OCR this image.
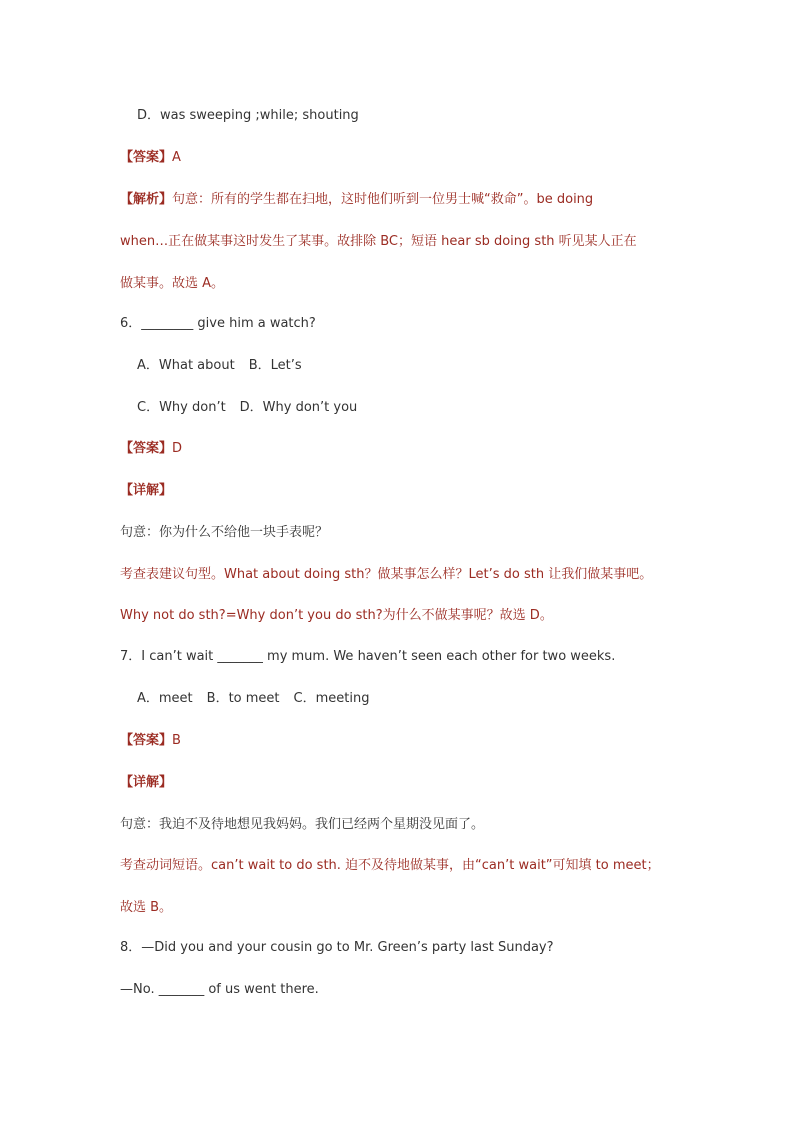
D．was sweeping ;while; shouting
【答案】A
【解析】句意：所有的学生都在扫地，这时他们听到一位男士喊“救命”。be doing
when…正在做某事这时发生了某事。故排除 BC；短语 hear sb doing sth 听见某人正在
做某事。故选 A。
6．________ give him a watch?
A．What about B．Let’s
C．Why don’t D．Why don’t you
【答案】D
【详解】
句意：你为什么不给他一块手表呢？
考查表建议句型。What about doing sth？做某事怎么样？Let’s do sth 让我们做某事吧。
Why not do sth?=Why don’t you do sth?为什么不做某事呢？故选 D。
7．I can’t wait _______ my mum. We haven’t seen each other for two weeks.
A．meet B．to meet C．meeting
【答案】B
【详解】
句意：我迫不及待地想见我妈妈。我们已经两个星期没见面了。
考查动词短语。can’t wait to do sth. 迫不及待地做某事，由“can’t wait”可知填 to meet；
故选 B。
8．—Did you and your cousin go to Mr. Green’s party last Sunday?
—No. _______ of us went there.
